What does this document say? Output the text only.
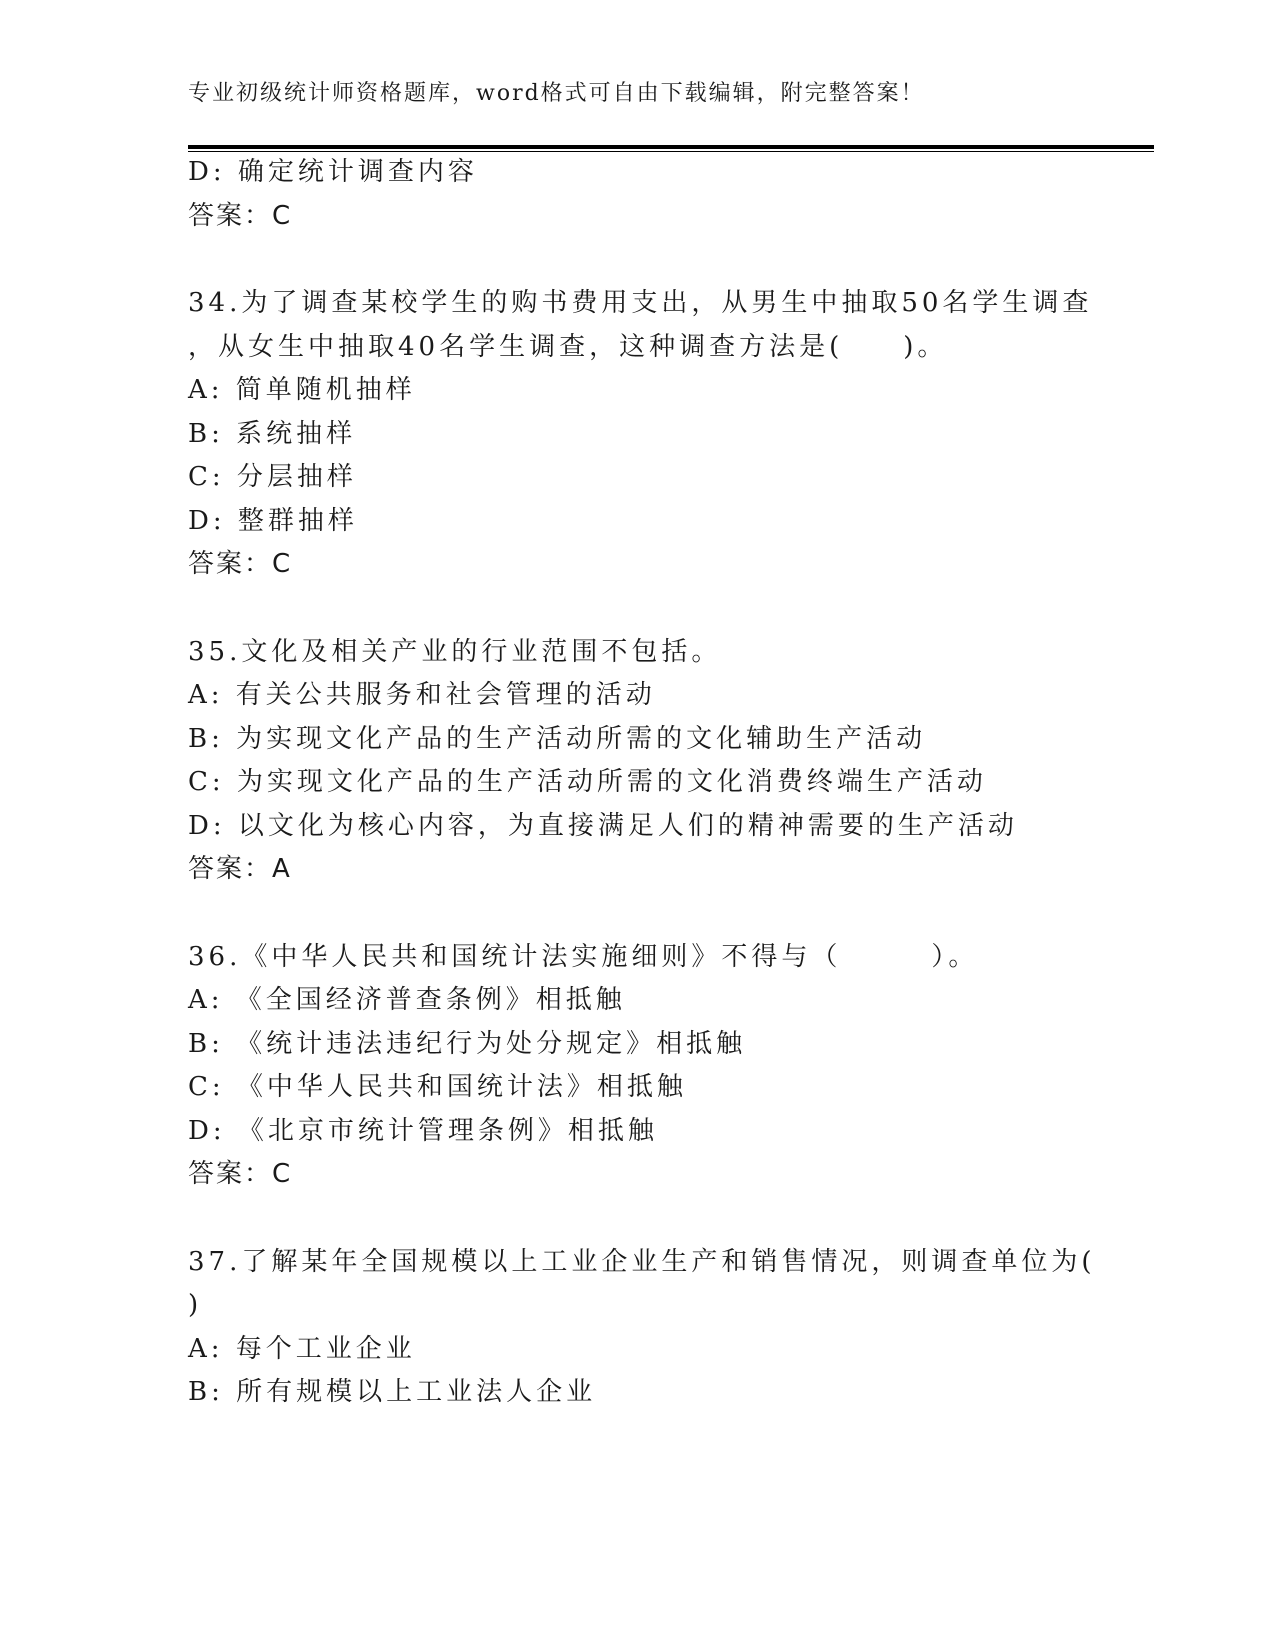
专业初级统计师资格题库，word格式可自由下载编辑，附完整答案！
D: 确定统计调查内容
答案：C
34.为了调查某校学生的购书费用支出，从男生中抽取50名学生调查
，从女生中抽取40名学生调查，这种调查方法是(　　)。
A: 简单随机抽样
B: 系统抽样
C: 分层抽样
D: 整群抽样
答案：C
35.文化及相关产业的行业范围不包括。
A: 有关公共服务和社会管理的活动
B: 为实现文化产品的生产活动所需的文化辅助生产活动
C: 为实现文化产品的生产活动所需的文化消费终端生产活动
D: 以文化为核心内容，为直接满足人们的精神需要的生产活动
答案：A
36.《中华人民共和国统计法实施细则》不得与（　　　）。
A: 《全国经济普查条例》相抵触
B: 《统计违法违纪行为处分规定》相抵触
C: 《中华人民共和国统计法》相抵触
D: 《北京市统计管理条例》相抵触
答案：C
37.了解某年全国规模以上工业企业生产和销售情况，则调查单位为(
)
A: 每个工业企业
B: 所有规模以上工业法人企业
